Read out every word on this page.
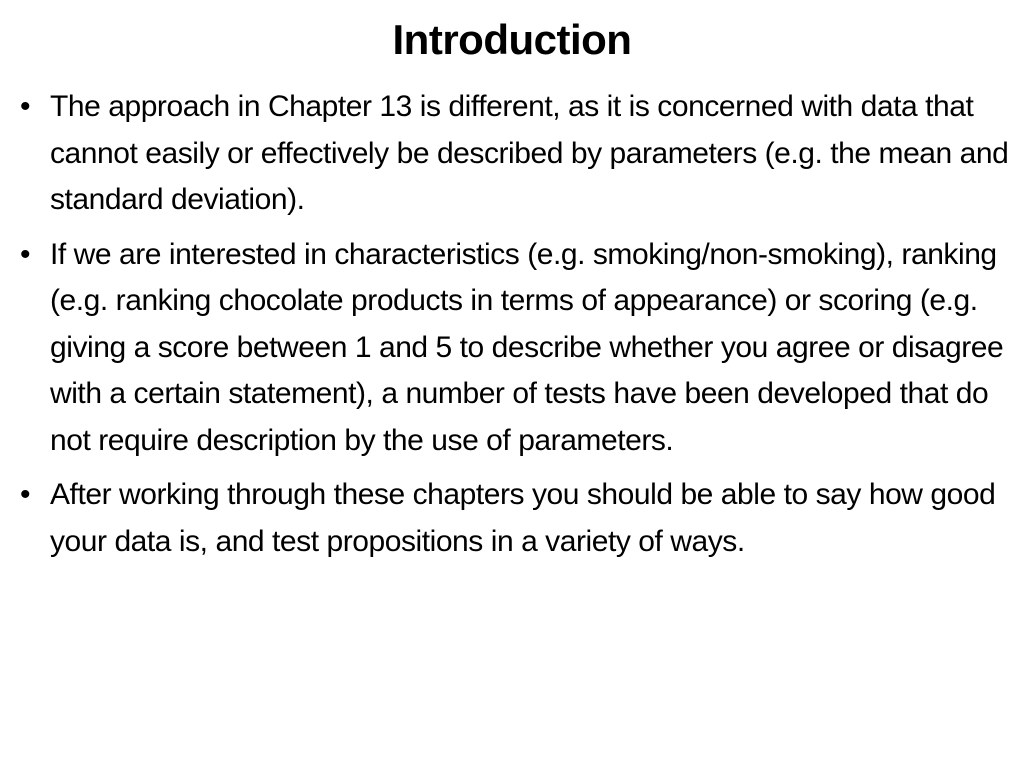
Introduction
• The approach in Chapter 13 is different, as it is concerned with data that cannot easily or effectively be described by parameters (e.g. the mean and standard deviation).
• If we are interested in characteristics (e.g. smoking/non-smoking), ranking (e.g. ranking chocolate products in terms of appearance) or scoring (e.g. giving a score between 1 and 5 to describe whether you agree or disagree with a certain statement), a number of tests have been developed that do not require description by the use of parameters.
• After working through these chapters you should be able to say how good your data is, and test propositions in a variety of ways.
